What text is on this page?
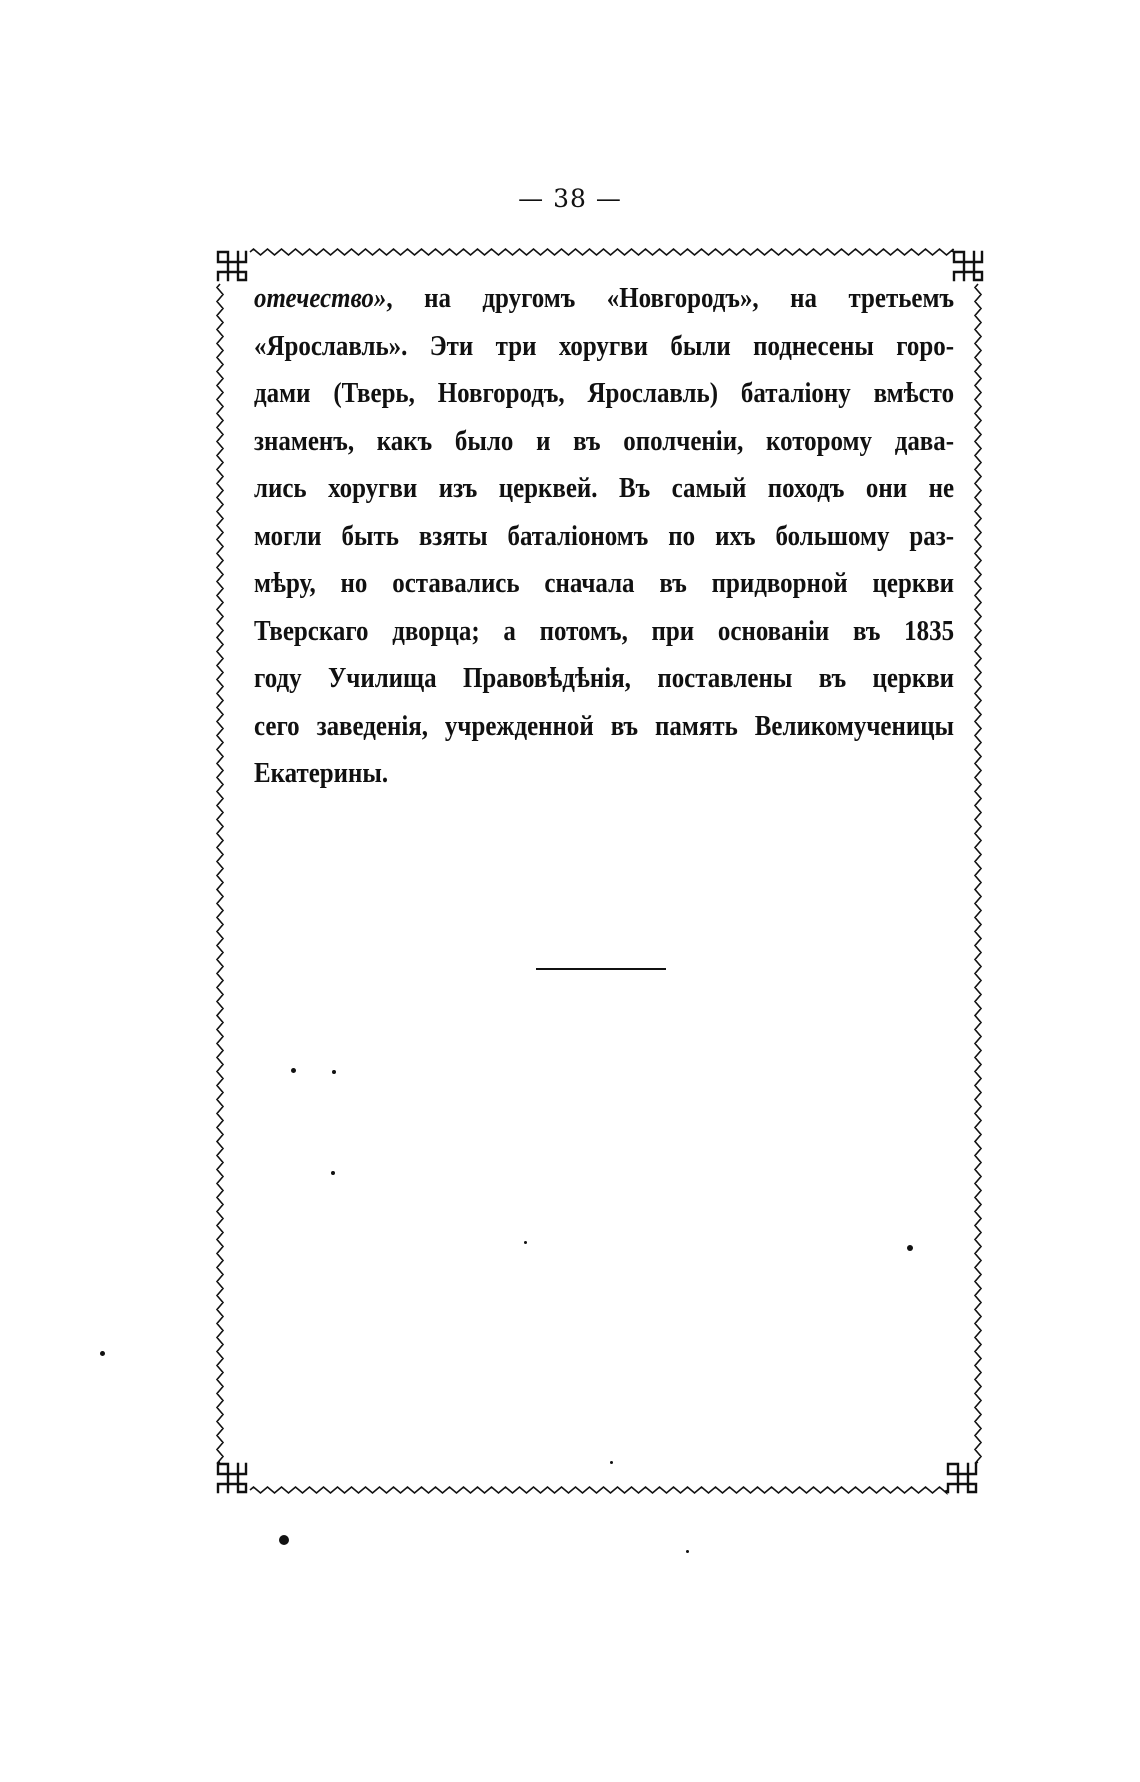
— 38 —
отечество», на другомъ «Новгородъ», на третьемъ
«Ярославль». Эти три хоругви были поднесены горо-
дами (Тверь, Новгородъ, Ярославль) баталіону вмѣсто
знаменъ, какъ было и въ ополченіи, которому дава-
лись хоругви изъ церквей. Въ самый походъ они не
могли быть взяты баталіономъ по ихъ большому раз-
мѣру, но оставались сначала въ придворной церкви
Тверскаго дворца; а потомъ, при основаніи въ 1835
году Училища Правовѣдѣнія, поставлены въ церкви
сего заведенія, учрежденной въ память Великомученицы
Екатерины.
